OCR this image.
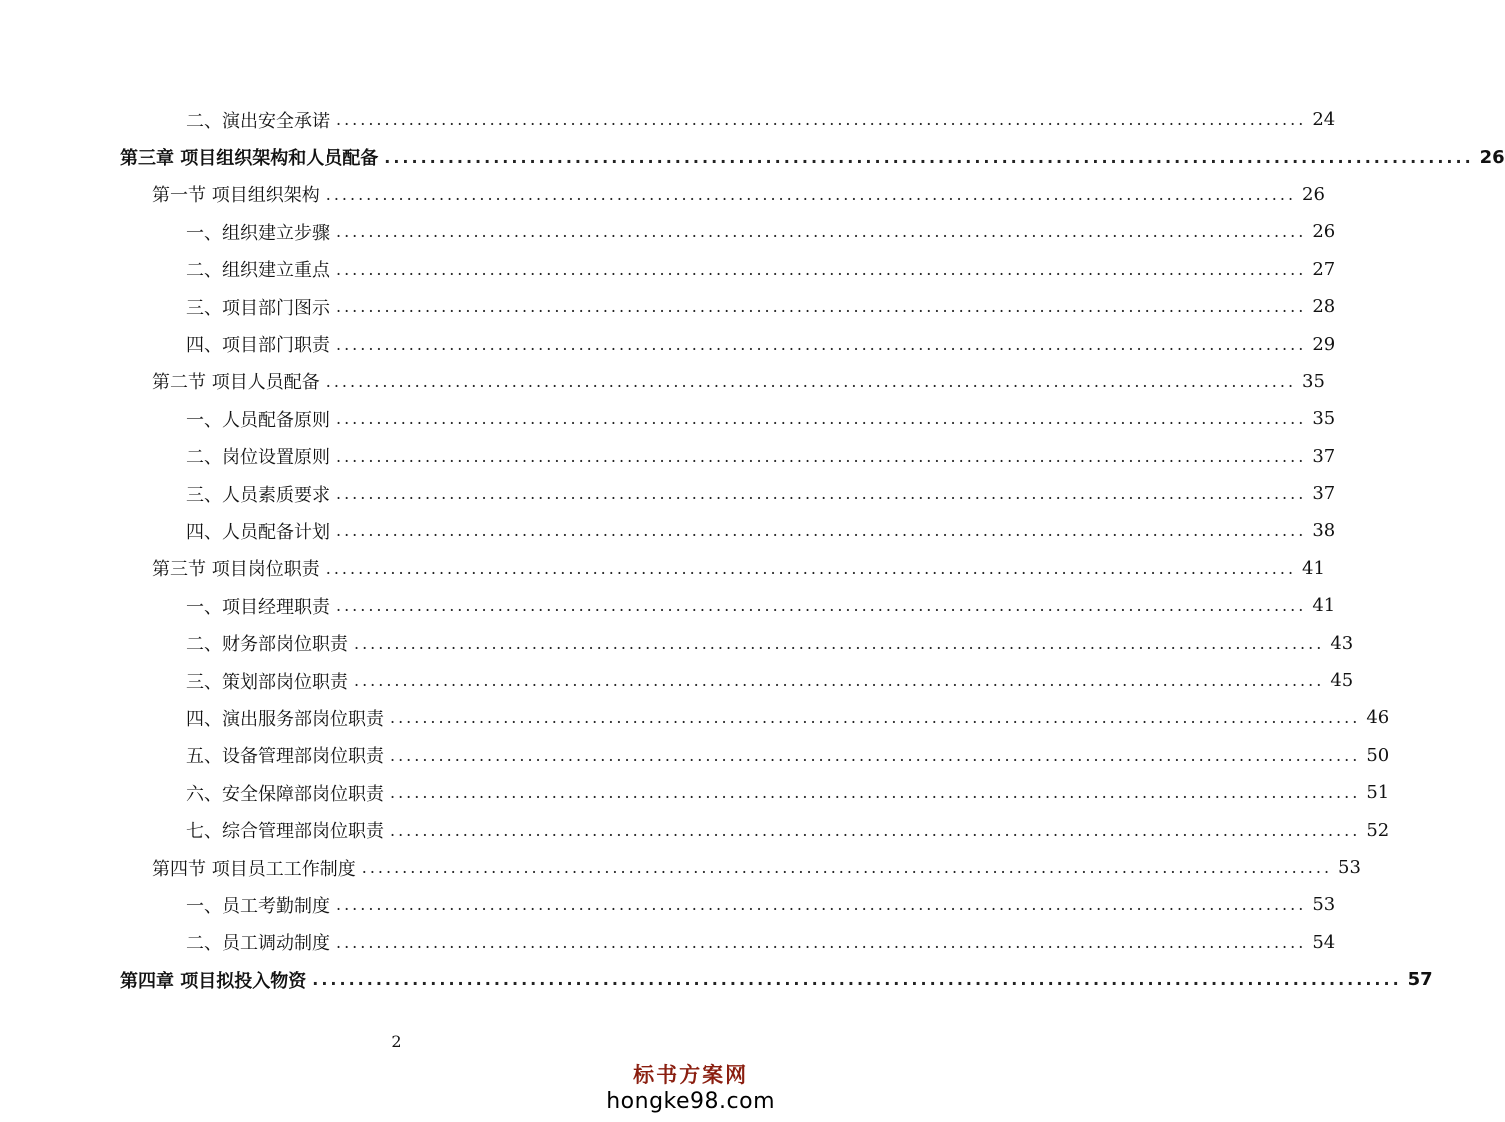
二、演出安全承诺 ........................................................................................................................ 24
第三章 项目组织架构和人员配备 ........................................................................................................................ 26
第一节 项目组织架构 ........................................................................................................................ 26
一、组织建立步骤 ........................................................................................................................ 26
二、组织建立重点 ........................................................................................................................ 27
三、项目部门图示 ........................................................................................................................ 28
四、项目部门职责 ........................................................................................................................ 29
第二节 项目人员配备 ........................................................................................................................ 35
一、人员配备原则 ........................................................................................................................ 35
二、岗位设置原则 ........................................................................................................................ 37
三、人员素质要求 ........................................................................................................................ 37
四、人员配备计划 ........................................................................................................................ 38
第三节 项目岗位职责 ........................................................................................................................ 41
一、项目经理职责 ........................................................................................................................ 41
二、财务部岗位职责 ........................................................................................................................ 43
三、策划部岗位职责 ........................................................................................................................ 45
四、演出服务部岗位职责 ........................................................................................................................ 46
五、设备管理部岗位职责 ........................................................................................................................ 50
六、安全保障部岗位职责 ........................................................................................................................ 51
七、综合管理部岗位职责 ........................................................................................................................ 52
第四节 项目员工工作制度 ........................................................................................................................ 53
一、员工考勤制度 ........................................................................................................................ 53
二、员工调动制度 ........................................................................................................................ 54
第四章 项目拟投入物资 ........................................................................................................................ 57
2
标书方案网
hongke98.com
